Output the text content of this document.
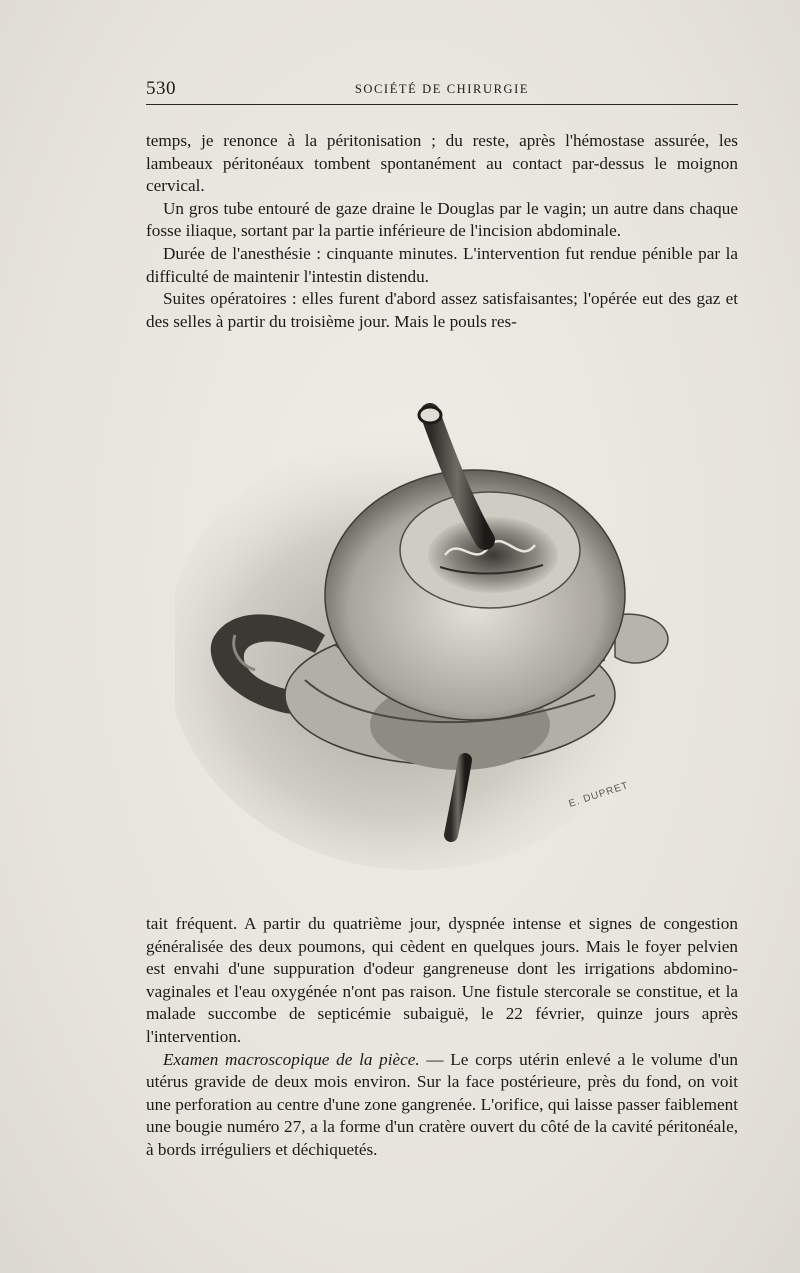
530	SOCIÉTÉ DE CHIRURGIE

temps, je renonce à la péritonisation ; du reste, après l'hémostase assurée, les lambeaux péritonéaux tombent spontanément au contact par-dessus le moignon cervical.

Un gros tube entouré de gaze draine le Douglas par le vagin; un autre dans chaque fosse iliaque, sortant par la partie inférieure de l'incision abdominale.

Durée de l'anesthésie : cinquante minutes. L'intervention fut rendue pénible par la difficulté de maintenir l'intestin distendu.

Suites opératoires : elles furent d'abord assez satisfaisantes; l'opérée eut des gaz et des selles à partir du troisième jour. Mais le pouls res-

E. DUPRET

tait fréquent. A partir du quatrième jour, dyspnée intense et signes de congestion généralisée des deux poumons, qui cèdent en quelques jours. Mais le foyer pelvien est envahi d'une suppuration d'odeur gangreneuse dont les irrigations abdomino-vaginales et l'eau oxygénée n'ont pas raison. Une fistule stercorale se constitue, et la malade succombe de septicémie subaiguë, le 22 février, quinze jours après l'intervention.

Examen macroscopique de la pièce. — Le corps utérin enlevé a le volume d'un utérus gravide de deux mois environ. Sur la face postérieure, près du fond, on voit une perforation au centre d'une zone gangrenée. L'orifice, qui laisse passer faiblement une bougie numéro 27, a la forme d'un cratère ouvert du côté de la cavité péritonéale, à bords irréguliers et déchiquetés.
